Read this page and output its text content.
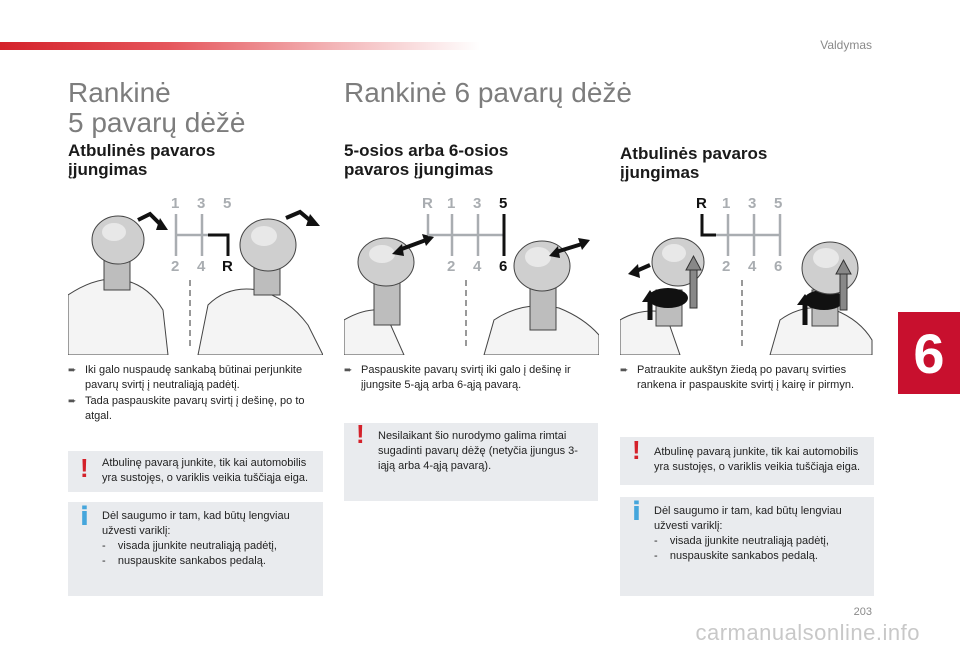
Valdymas
6
203
carmanualsonline.info
Rankinė
5 pavarų dėžė
Atbulinės pavaros
įjungimas
1 3 5
2 4 R
➨ Iki galo nuspaudę sankabą būtinai perjunkite pavarų svirtį į neutraliąją padėtį.
➨ Tada paspauskite pavarų svirtį į dešinę, po to atgal.
! Atbulinę pavarą junkite, tik kai automobilis yra sustojęs, o variklis veikia tuščiąja eiga.
i Dėl saugumo ir tam, kad būtų lengviau užvesti variklį:
-    visada įjunkite neutraliąją padėtį,
-    nuspauskite sankabos pedalą.
Rankinė 6 pavarų dėžė
5-osios arba 6-osios
pavaros įjungimas
R 1 3 5
2 4 6
➨ Paspauskite pavarų svirtį iki galo į dešinę ir įjungsite 5-ąją arba 6-ąją pavarą.
! Nesilaikant šio nurodymo galima rimtai sugadinti pavarų dėžę (netyčia įjungus 3-iąją arba 4-ąją pavarą).
Atbulinės pavaros
įjungimas
R 1 3 5
2 4 6
➨ Patraukite aukštyn žiedą po pavarų svirties rankena ir paspauskite svirtį į kairę ir pirmyn.
! Atbulinę pavarą junkite, tik kai automobilis yra sustojęs, o variklis veikia tuščiąja eiga.
i Dėl saugumo ir tam, kad būtų lengviau užvesti variklį:
-    visada įjunkite neutraliąją padėtį,
-    nuspauskite sankabos pedalą.
